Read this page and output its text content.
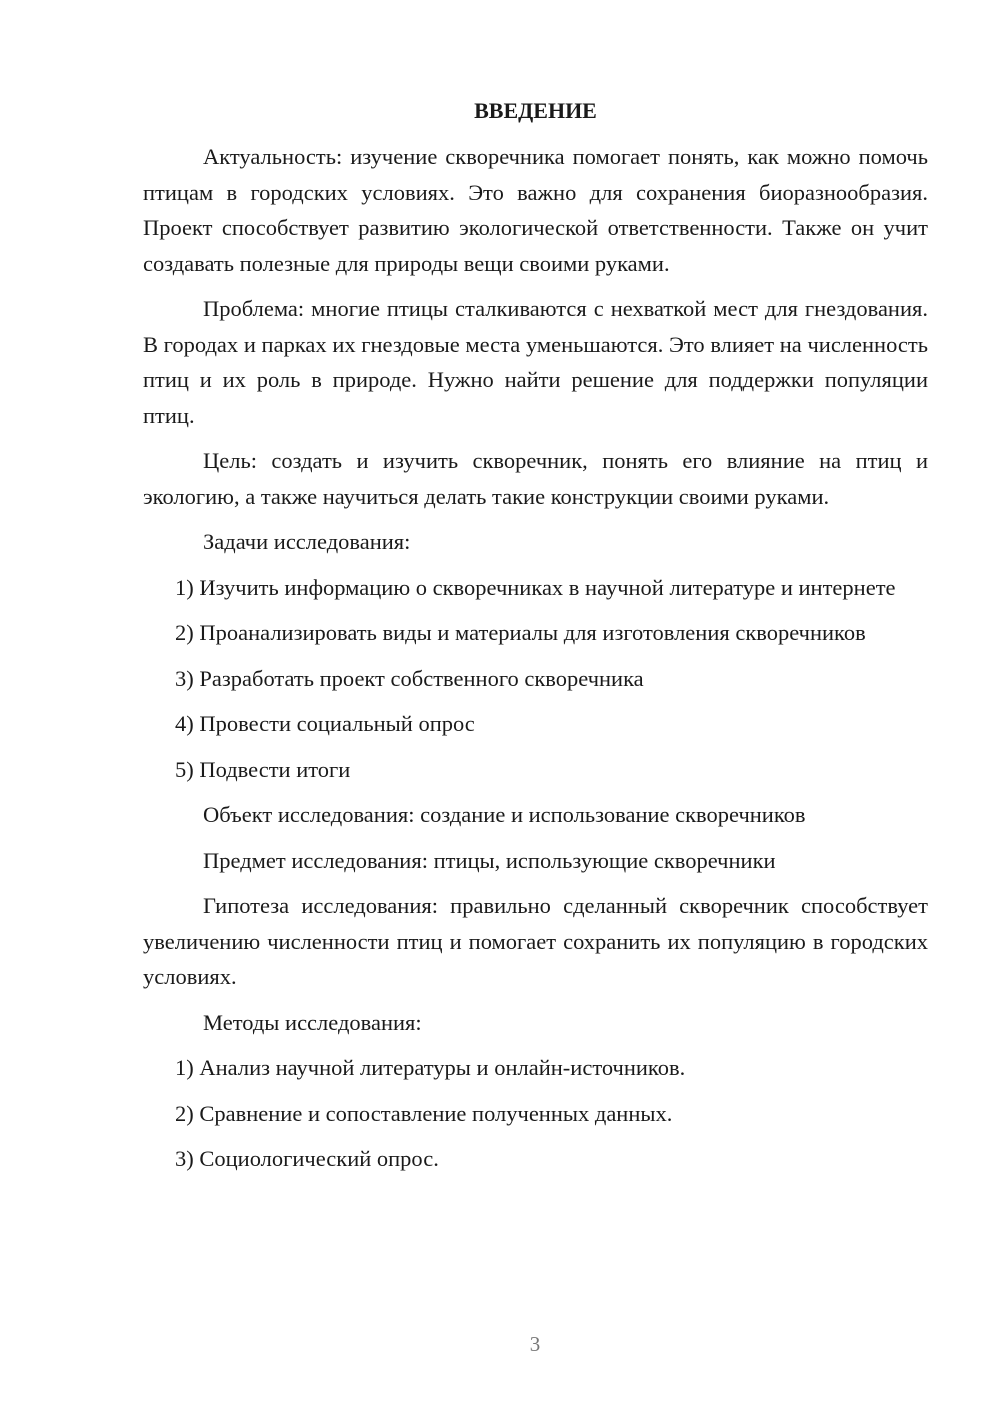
ВВЕДЕНИЕ

Актуальность: изучение скворечника помогает понять, как можно помочь птицам в городских условиях. Это важно для сохранения биоразнообразия. Проект способствует развитию экологической ответственности. Также он учит создавать полезные для природы вещи своими руками.

Проблема: многие птицы сталкиваются с нехваткой мест для гнездования. В городах и парках их гнездовые места уменьшаются. Это влияет на численность птиц и их роль в природе. Нужно найти решение для поддержки популяции птиц.

Цель: создать и изучить скворечник, понять его влияние на птиц и экологию, а также научиться делать такие конструкции своими руками.

Задачи исследования:

1) Изучить информацию о скворечниках в научной литературе и интернете

2) Проанализировать виды и материалы для изготовления скворечников

3) Разработать проект собственного скворечника

4) Провести социальный опрос

5) Подвести итоги

Объект исследования: создание и использование скворечников

Предмет исследования: птицы, использующие скворечники

Гипотеза исследования: правильно сделанный скворечник способствует увеличению численности птиц и помогает сохранить их популяцию в городских условиях.

Методы исследования:

1) Анализ научной литературы и онлайн-источников.

2) Сравнение и сопоставление полученных данных.

3) Социологический опрос.

3
